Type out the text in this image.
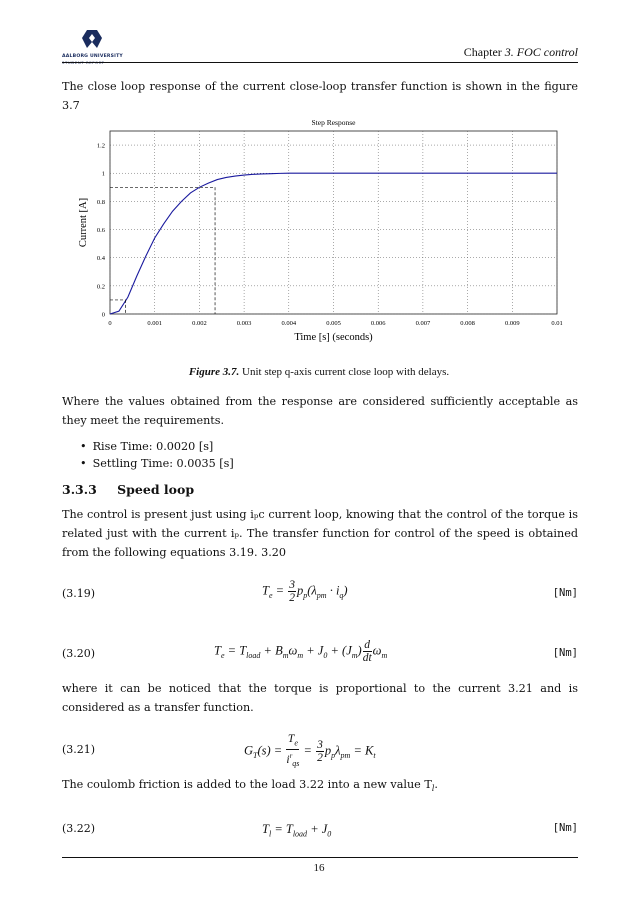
AALBORG UNIVERSITY
STUDENT REPORT
Chapter 3. FOC control
The close loop response of the current close-loop transfer function is shown in the figure 3.7
0	0.001	0.002	0.003	0.004	0.005	0.006	0.007	0.008	0.009	0.01
0
0.2
0.4
0.6
0.8
1
1.2
Step Response
Time [s] (seconds)
Current [A]
Figure 3.7. Unit step q-axis current close loop with delays.
Where the values obtained from the response are considered sufficiently acceptable as they meet the requirements.
• Rise Time: 0.0020 [s]
• Settling Time: 0.0035 [s]
3.3.3 Speed loop
The control is present just using iₚc current loop, knowing that the control of the torque is related just with the current iₚ. The transfer function for control of the speed is obtained from the following equations 3.19. 3.20
(3.19)	$T_e = \frac{3}{2} p_p(\lambda_{pm} \cdot i_q)$	[Nm]
(3.20)	$T_e = T_{load} + B_m\omega_m + J_0 + (J_m) \frac{d}{dt} \omega_m$	[Nm]
where it can be noticed that the torque is proportional to the current 3.21 and is considered as a transfer function.
(3.21)	$G_T(s) = \frac{T_e}{i^r_{qs}} = \frac{3}{2} p_p\lambda_{pm} = K_t$
The coulomb friction is added to the load 3.22 into a new value $T_l$.
(3.22)	$T_l = T_{load} + J_0$	[Nm]
16
